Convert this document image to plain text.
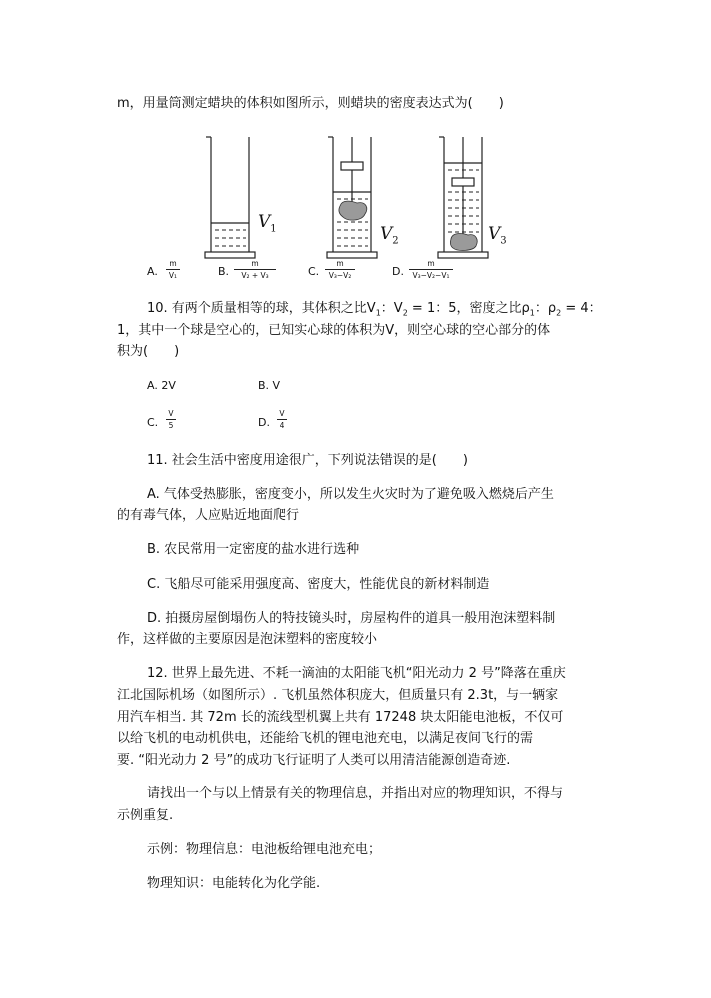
m，用量筒测定蜡块的体积如图所示，则蜡块的密度表达式为(　　)
$V_1$	$V_2$	$V_3$
A.
m
V₁	B.
m
V₂ + V₃	C.
m
V₃−V₂	D.
m
V₃−V₂−V₁
10. 有两个质量相等的球，其体积之比$V_1$：$V_2 = 1$：5，密度之比$\rho_1$：$\rho_2 = 4$：
1，其中一个球是空心的，已知实心球的体积为V，则空心球的空心部分的体
积为(　　)
A. 2V	B. V
C.
V
5	D.
V
4
11. 社会生活中密度用途很广，下列说法错误的是(　　)
A. 气体受热膨胀，密度变小，所以发生火灾时为了避免吸入燃烧后产生
的有毒气体，人应贴近地面爬行
B. 农民常用一定密度的盐水进行选种
C. 飞船尽可能采用强度高、密度大，性能优良的新材料制造
D. 拍摄房屋倒塌伤人的特技镜头时，房屋构件的道具一般用泡沫塑料制
作，这样做的主要原因是泡沫塑料的密度较小
12. 世界上最先进、不耗一滴油的太阳能飞机“阳光动力 2 号”降落在重庆
江北国际机场（如图所示）. 飞机虽然体积庞大，但质量只有 2.3t，与一辆家
用汽车相当. 其 72m 长的流线型机翼上共有 17248 块太阳能电池板，不仅可
以给飞机的电动机供电，还能给飞机的锂电池充电，以满足夜间飞行的需
要. “阳光动力 2 号”的成功飞行证明了人类可以用清洁能源创造奇迹.
请找出一个与以上情景有关的物理信息，并指出对应的物理知识，不得与
示例重复.
示例：物理信息：电池板给锂电池充电；
物理知识：电能转化为化学能.
